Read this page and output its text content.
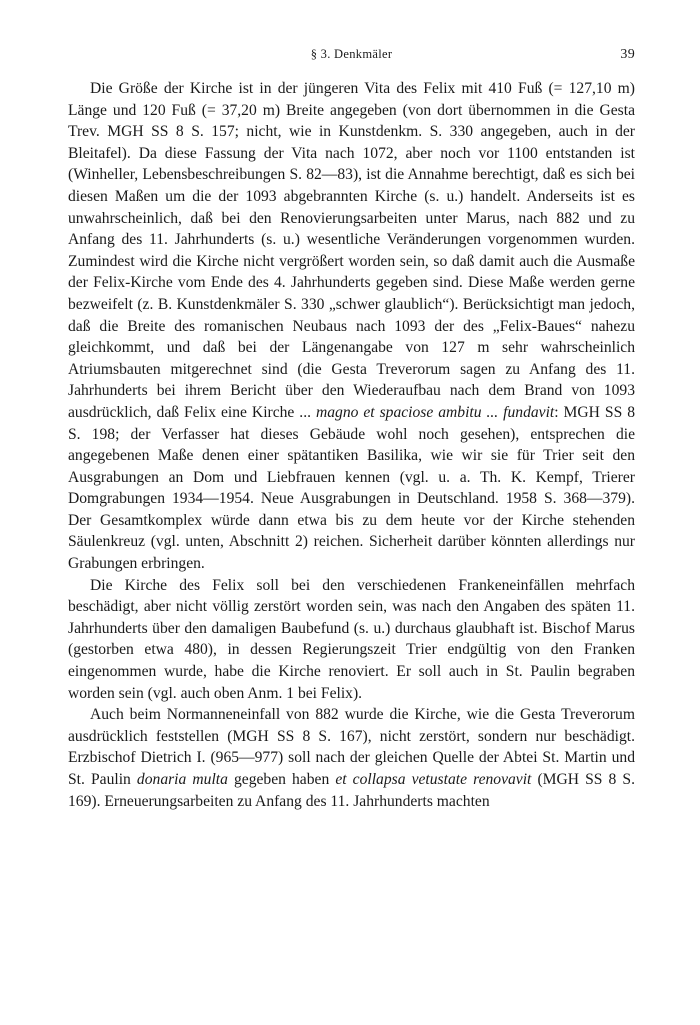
§ 3. Denkmäler	39

Die Größe der Kirche ist in der jüngeren Vita des Felix mit 410 Fuß (= 127,10 m) Länge und 120 Fuß (= 37,20 m) Breite angegeben (von dort übernommen in die Gesta Trev. MGH SS 8 S. 157; nicht, wie in Kunstdenkm. S. 330 angegeben, auch in der Bleitafel). Da diese Fassung der Vita nach 1072, aber noch vor 1100 entstanden ist (Winheller, Lebensbeschreibungen S. 82—83), ist die Annahme berechtigt, daß es sich bei diesen Maßen um die der 1093 abgebrannten Kirche (s. u.) handelt. Anderseits ist es unwahrscheinlich, daß bei den Renovierungsarbeiten unter Marus, nach 882 und zu Anfang des 11. Jahrhunderts (s. u.) wesentliche Veränderungen vorgenommen wurden. Zumindest wird die Kirche nicht vergrößert worden sein, so daß damit auch die Ausmaße der Felix-Kirche vom Ende des 4. Jahrhunderts gegeben sind. Diese Maße werden gerne bezweifelt (z. B. Kunstdenkmäler S. 330 „schwer glaublich“). Berücksichtigt man jedoch, daß die Breite des romanischen Neubaus nach 1093 der des „Felix-Baues“ nahezu gleichkommt, und daß bei der Längenangabe von 127 m sehr wahrscheinlich Atriumsbauten mitgerechnet sind (die Gesta Treverorum sagen zu Anfang des 11. Jahrhunderts bei ihrem Bericht über den Wiederaufbau nach dem Brand von 1093 ausdrücklich, daß Felix eine Kirche ... magno et spaciose ambitu ... fundavit: MGH SS 8 S. 198; der Verfasser hat dieses Gebäude wohl noch gesehen), entsprechen die angegebenen Maße denen einer spätantiken Basilika, wie wir sie für Trier seit den Ausgrabungen an Dom und Liebfrauen kennen (vgl. u. a. Th. K. Kempf, Trierer Domgrabungen 1934—1954. Neue Ausgrabungen in Deutschland. 1958 S. 368—379). Der Gesamtkomplex würde dann etwa bis zu dem heute vor der Kirche stehenden Säulenkreuz (vgl. unten, Abschnitt 2) reichen. Sicherheit darüber könnten allerdings nur Grabungen erbringen.

Die Kirche des Felix soll bei den verschiedenen Frankeneinfällen mehrfach beschädigt, aber nicht völlig zerstört worden sein, was nach den Angaben des späten 11. Jahrhunderts über den damaligen Baubefund (s. u.) durchaus glaubhaft ist. Bischof Marus (gestorben etwa 480), in dessen Regierungszeit Trier endgültig von den Franken eingenommen wurde, habe die Kirche renoviert. Er soll auch in St. Paulin begraben worden sein (vgl. auch oben Anm. 1 bei Felix).

Auch beim Normanneneinfall von 882 wurde die Kirche, wie die Gesta Treverorum ausdrücklich feststellen (MGH SS 8 S. 167), nicht zerstört, sondern nur beschädigt. Erzbischof Dietrich I. (965—977) soll nach der gleichen Quelle der Abtei St. Martin und St. Paulin donaria multa gegeben haben et collapsa vetustate renovavit (MGH SS 8 S. 169). Erneuerungsarbeiten zu Anfang des 11. Jahrhunderts machten
